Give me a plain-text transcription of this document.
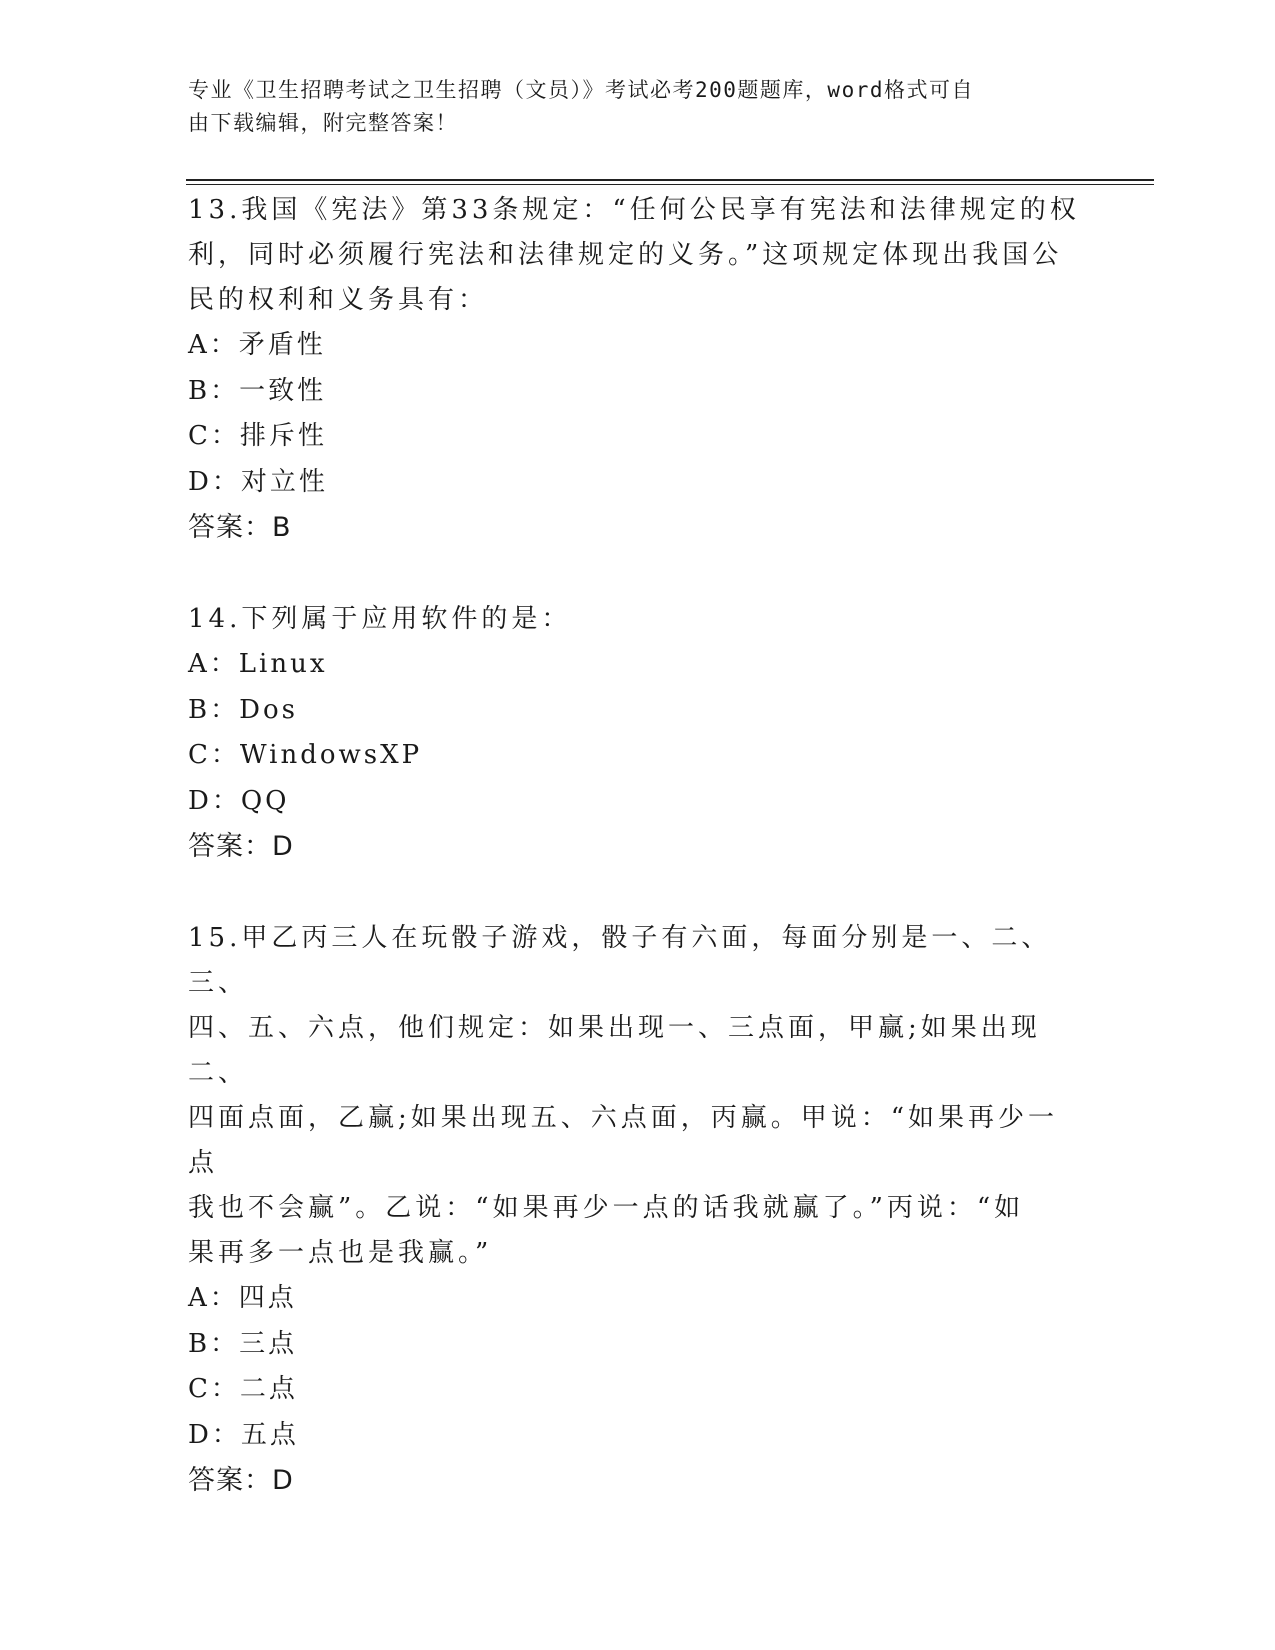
专业《卫生招聘考试之卫生招聘（文员）》考试必考200题题库，word格式可自
由下载编辑，附完整答案！
13.我国《宪法》第33条规定：“任何公民享有宪法和法律规定的权
利，同时必须履行宪法和法律规定的义务。”这项规定体现出我国公
民的权利和义务具有：
A：矛盾性
B：一致性
C：排斥性
D：对立性
答案：B
14.下列属于应用软件的是：
A：Linux
B：Dos
C：WindowsXP
D：QQ
答案：D
15.甲乙丙三人在玩骰子游戏，骰子有六面，每面分别是一、二、三、
四、五、六点，他们规定：如果出现一、三点面，甲赢;如果出现二、
四面点面，乙赢;如果出现五、六点面，丙赢。甲说：“如果再少一点
我也不会赢”。乙说：“如果再少一点的话我就赢了。”丙说：“如
果再多一点也是我赢。”
A：四点
B：三点
C：二点
D：五点
答案：D
